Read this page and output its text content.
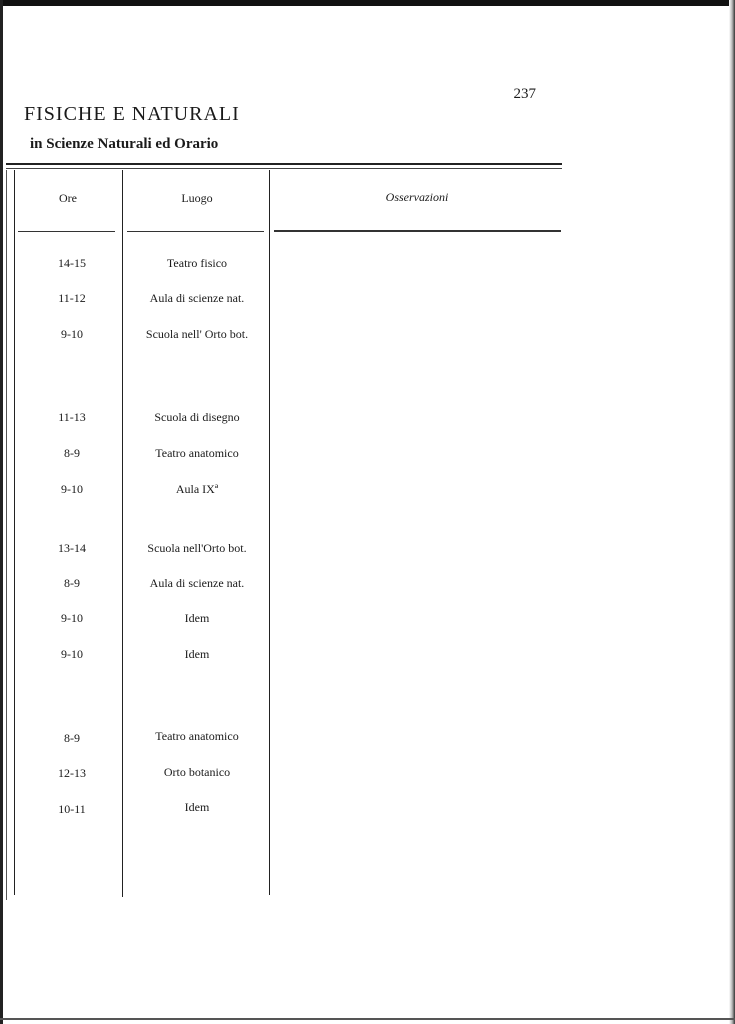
237
FISICHE E NATURALI
in Scienze Naturali ed Orario
Ore	Luogo	Osservazioni
14-15	Teatro fisico
11-12	Aula di scienze nat.
9-10	Scuola nell' Orto bot.
11-13	Scuola di disegno
8-9	Teatro anatomico
9-10	Aula IXª
13-14	Scuola nell'Orto bot.
8-9	Aula di scienze nat.
9-10	Idem
9-10	Idem
8-9	Teatro anatomico
12-13	Orto botanico
10-11	Idem
